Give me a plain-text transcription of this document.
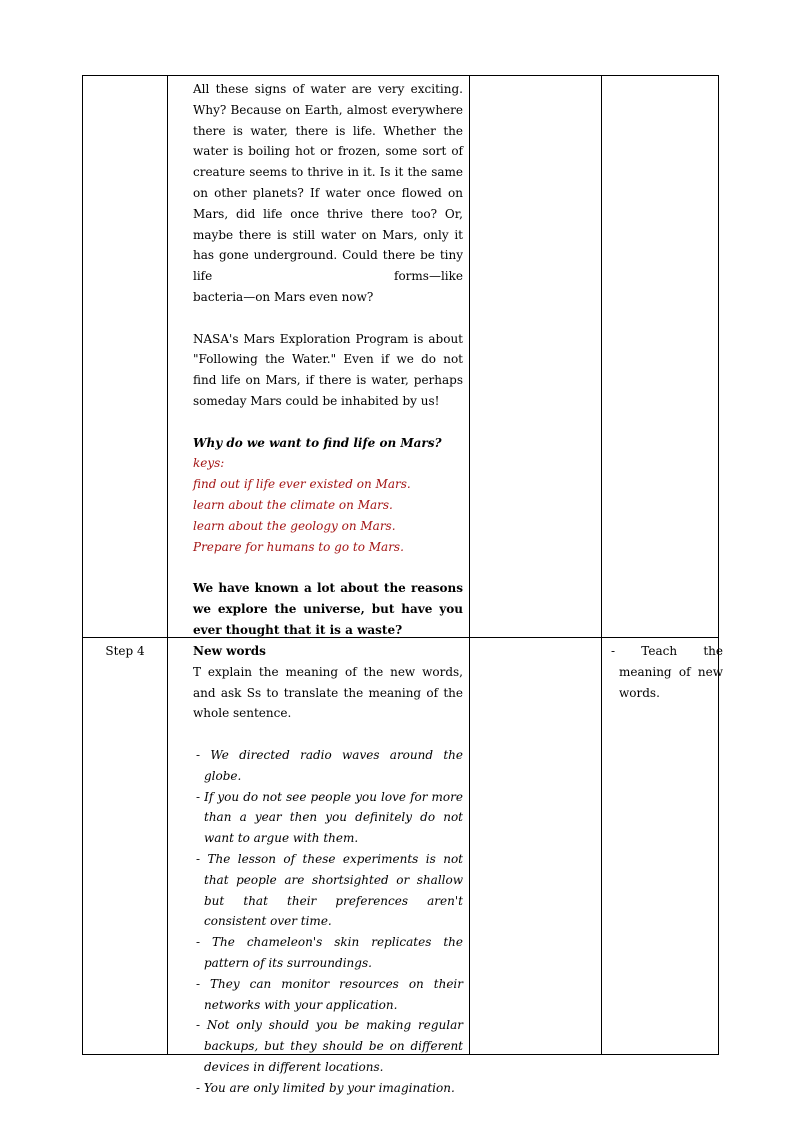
All these signs of water are very exciting. Why? Because on Earth, almost everywhere there is water, there is life. Whether the water is boiling hot or frozen, some sort of creature seems to thrive in it. Is it the same on other planets? If water once flowed on Mars, did life once thrive there too? Or, maybe there is still water on Mars, only it has gone underground. Could there be tiny life forms—like
bacteria—on Mars even now?
NASA's Mars Exploration Program is about "Following the Water." Even if we do not find life on Mars, if there is water, perhaps someday Mars could be inhabited by us!
Why do we want to find life on Mars?
keys:
find out if life ever existed on Mars.
learn about the climate on Mars.
learn about the geology on Mars.
Prepare for humans to go to Mars.
We have known a lot about the reasons we explore the universe, but have you ever thought that it is a waste?
Step 4	New words
T explain the meaning of the new words, and ask Ss to translate the meaning of the whole sentence.
- We directed radio waves around the globe.
- If you do not see people you love for more than a year then you definitely do not want to argue with them.
- The lesson of these experiments is not that people are shortsighted or shallow but that their preferences aren't consistent over time.
- The chameleon's skin replicates the pattern of its surroundings.
- They can monitor resources on their networks with your application.
- Not only should you be making regular backups, but they should be on different devices in different locations.
- You are only limited by your imagination.
- Teach the meaning of new words.
